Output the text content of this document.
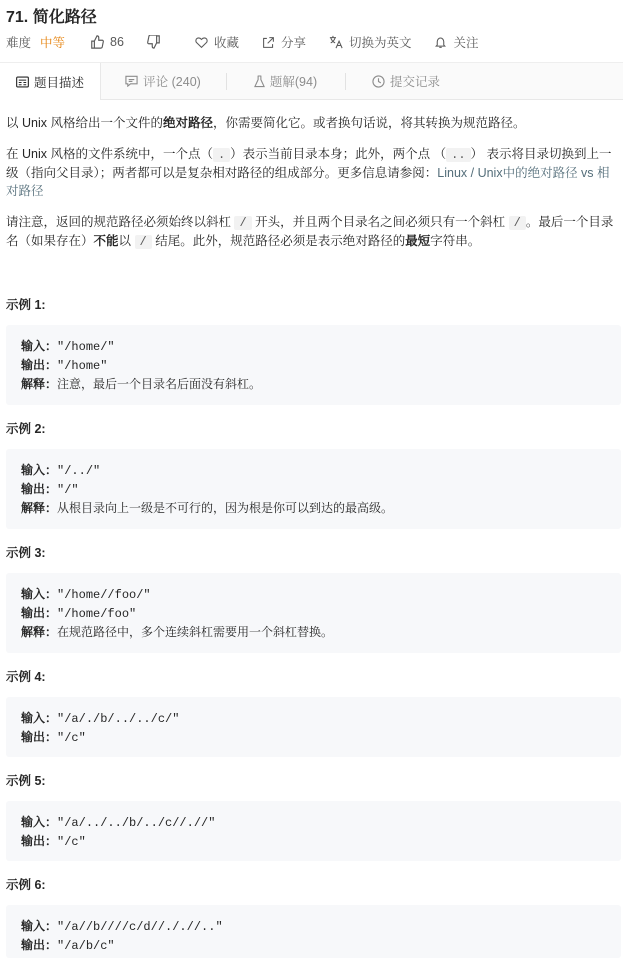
71. 简化路径
难度 中等	86	收藏	分享	切换为英文	关注
题目描述	评论 (240)	题解(94)	提交记录
以 Unix 风格给出一个文件的绝对路径，你需要简化它。或者换句话说，将其转换为规范路径。
在 Unix 风格的文件系统中，一个点（ . ）表示当前目录本身；此外，两个点 （ .. ） 表示将目录切换到上一级（指向父目录）；两者都可以是复杂相对路径的组成部分。更多信息请参阅：Linux / Unix中的绝对路径 vs 相对路径
请注意，返回的规范路径必须始终以斜杠 / 开头，并且两个目录名之间必须只有一个斜杠 / 。最后一个目录名（如果存在）不能以 / 结尾。此外，规范路径必须是表示绝对路径的最短字符串。
示例 1:
输入："/home/"
输出："/home"
解释：注意，最后一个目录名后面没有斜杠。
示例 2:
输入："/../"
输出："/"
解释：从根目录向上一级是不可行的，因为根是你可以到达的最高级。
示例 3:
输入："/home//foo/"
输出："/home/foo"
解释：在规范路径中，多个连续斜杠需要用一个斜杠替换。
示例 4:
输入："/a/./b/../../c/"
输出："/c"
示例 5:
输入："/a/../../b/../c//.//"
输出："/c"
示例 6:
输入："/a//b////c/d//././/.."
输出："/a/b/c"
